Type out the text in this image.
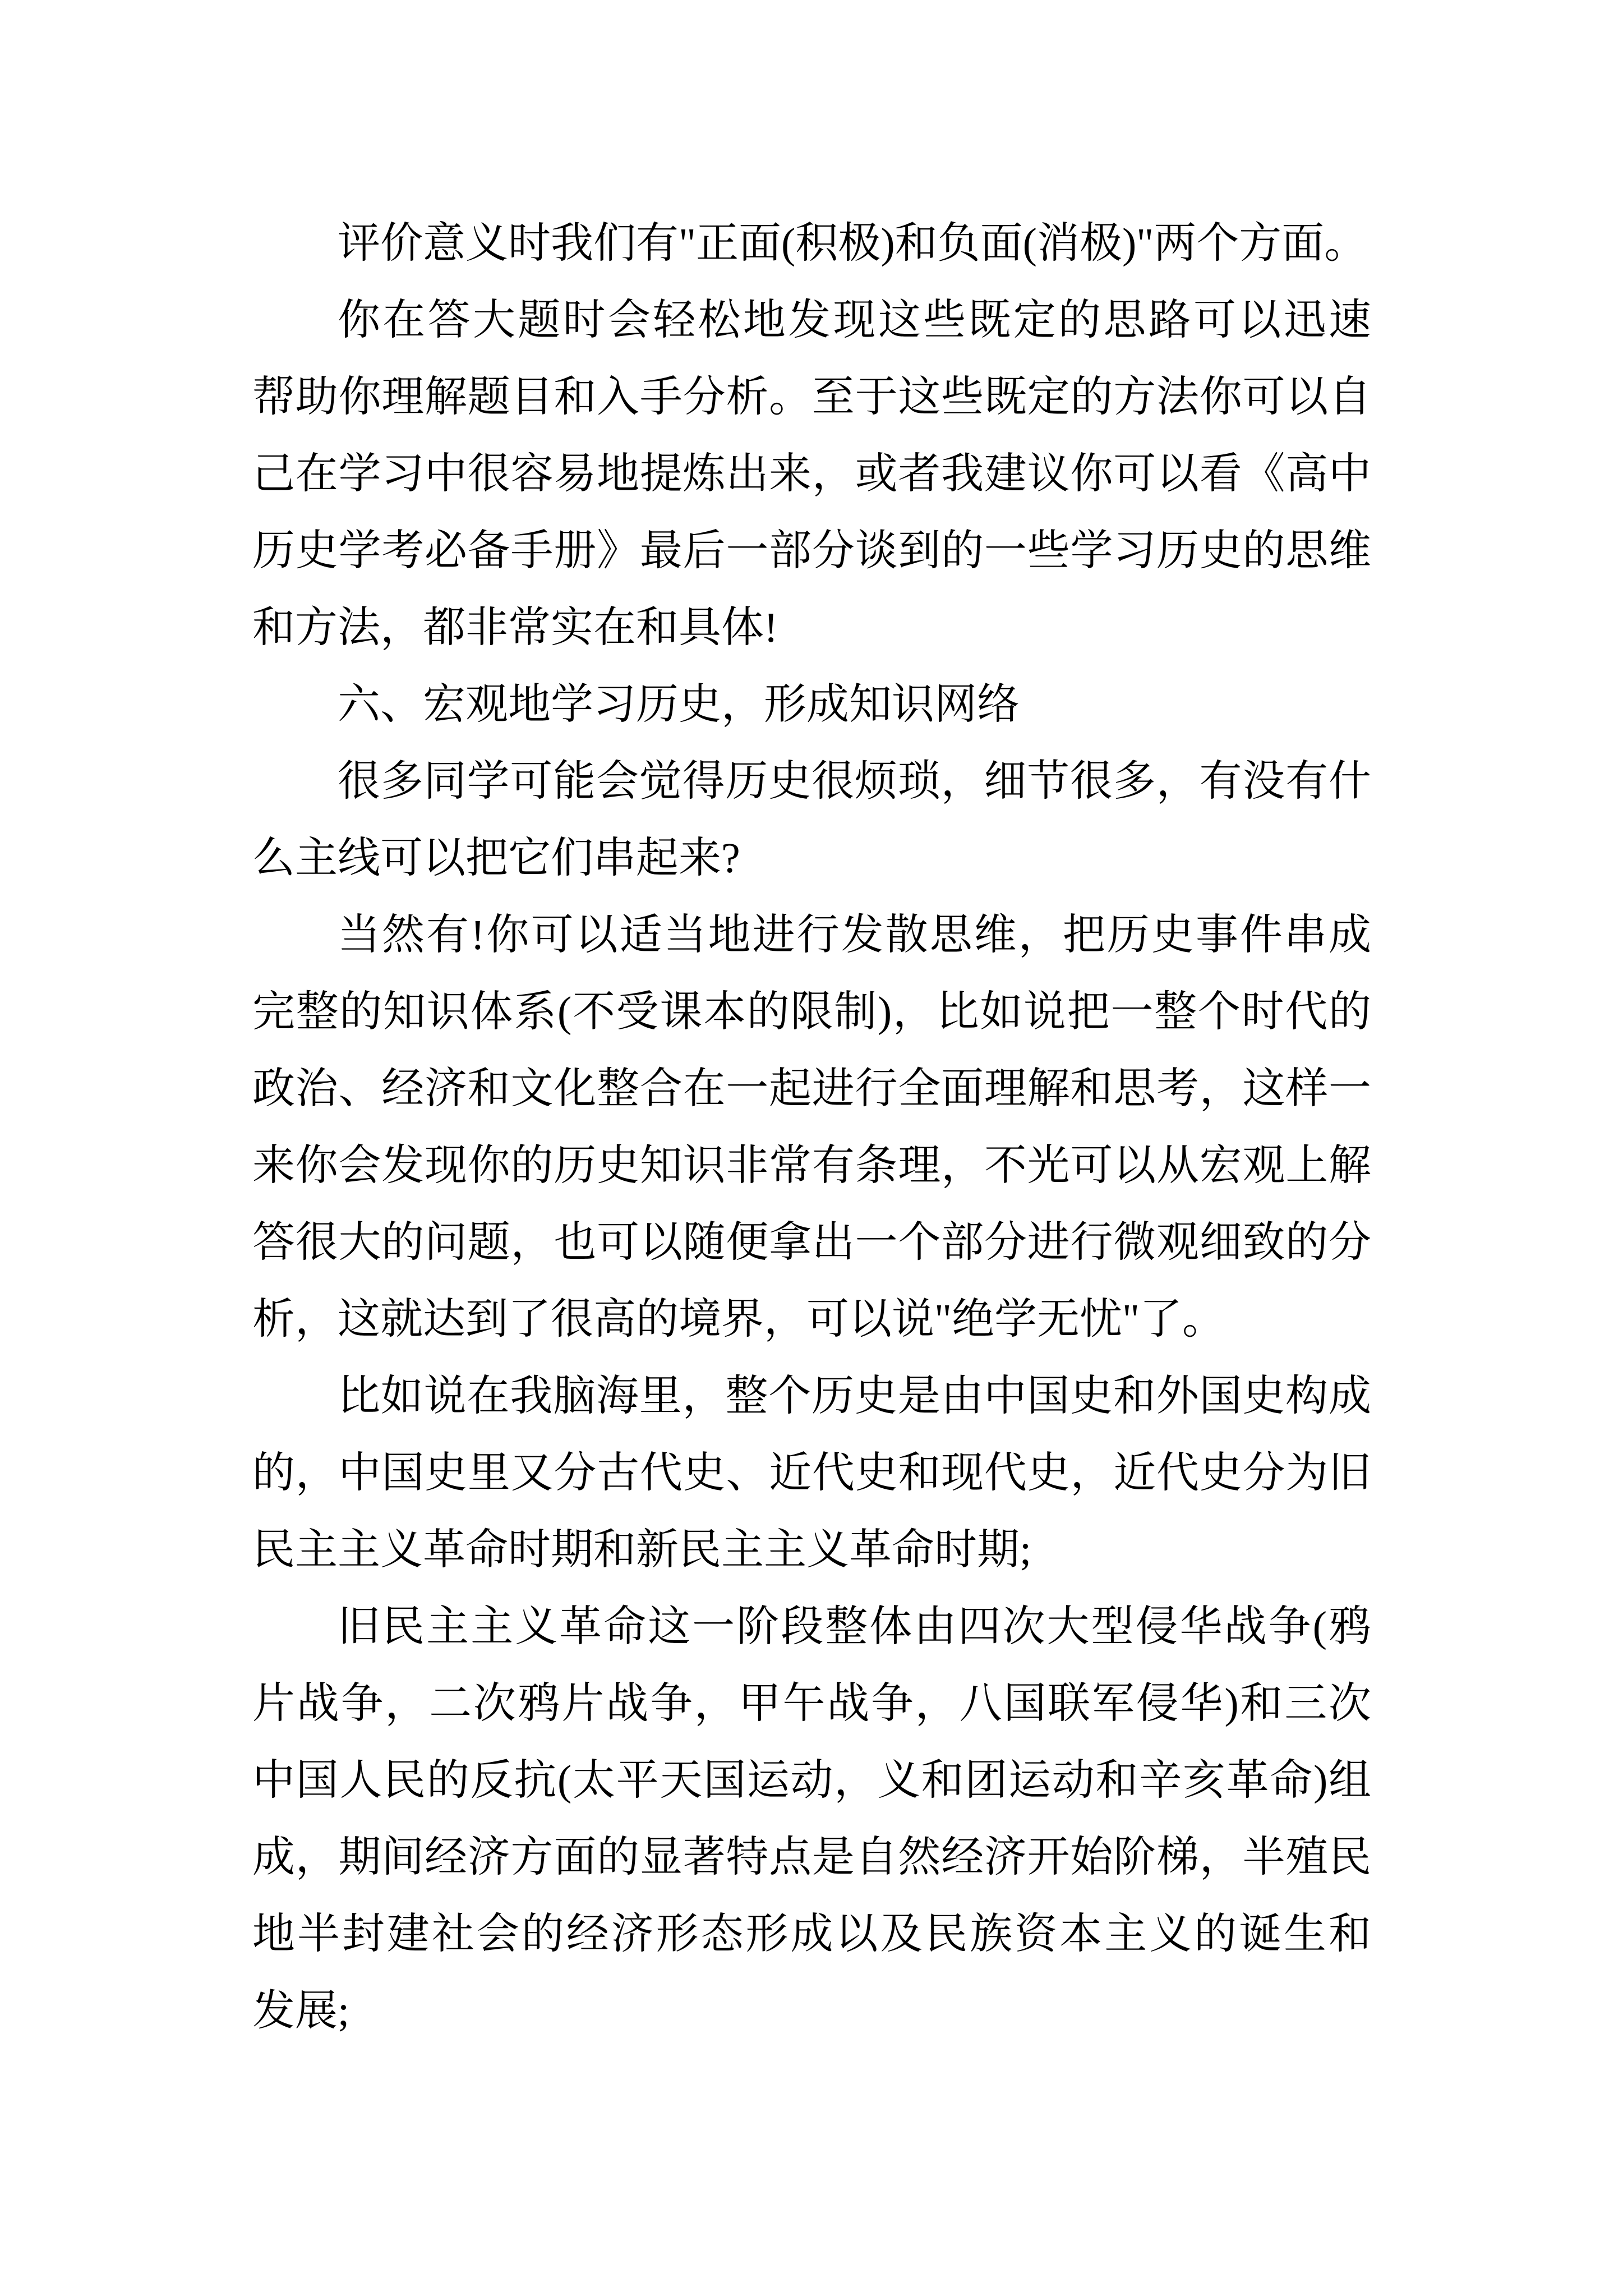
评价意义时我们有"正面(积极)和负面(消极)"两个方面。

你在答大题时会轻松地发现这些既定的思路可以迅速
帮助你理解题目和入手分析。至于这些既定的方法你可以自
己在学习中很容易地提炼出来，或者我建议你可以看《高中
历史学考必备手册》最后一部分谈到的一些学习历史的思维
和方法，都非常实在和具体!

六、宏观地学习历史，形成知识网络

很多同学可能会觉得历史很烦琐，细节很多，有没有什
么主线可以把它们串起来?

当然有!你可以适当地进行发散思维，把历史事件串成
完整的知识体系(不受课本的限制)，比如说把一整个时代的
政治、经济和文化整合在一起进行全面理解和思考，这样一
来你会发现你的历史知识非常有条理，不光可以从宏观上解
答很大的问题，也可以随便拿出一个部分进行微观细致的分
析，这就达到了很高的境界，可以说"绝学无忧"了。

比如说在我脑海里，整个历史是由中国史和外国史构成
的，中国史里又分古代史、近代史和现代史，近代史分为旧
民主主义革命时期和新民主主义革命时期;

旧民主主义革命这一阶段整体由四次大型侵华战争(鸦
片战争，二次鸦片战争，甲午战争，八国联军侵华)和三次
中国人民的反抗(太平天国运动，义和团运动和辛亥革命)组
成，期间经济方面的显著特点是自然经济开始阶梯，半殖民
地半封建社会的经济形态形成以及民族资本主义的诞生和
发展;
